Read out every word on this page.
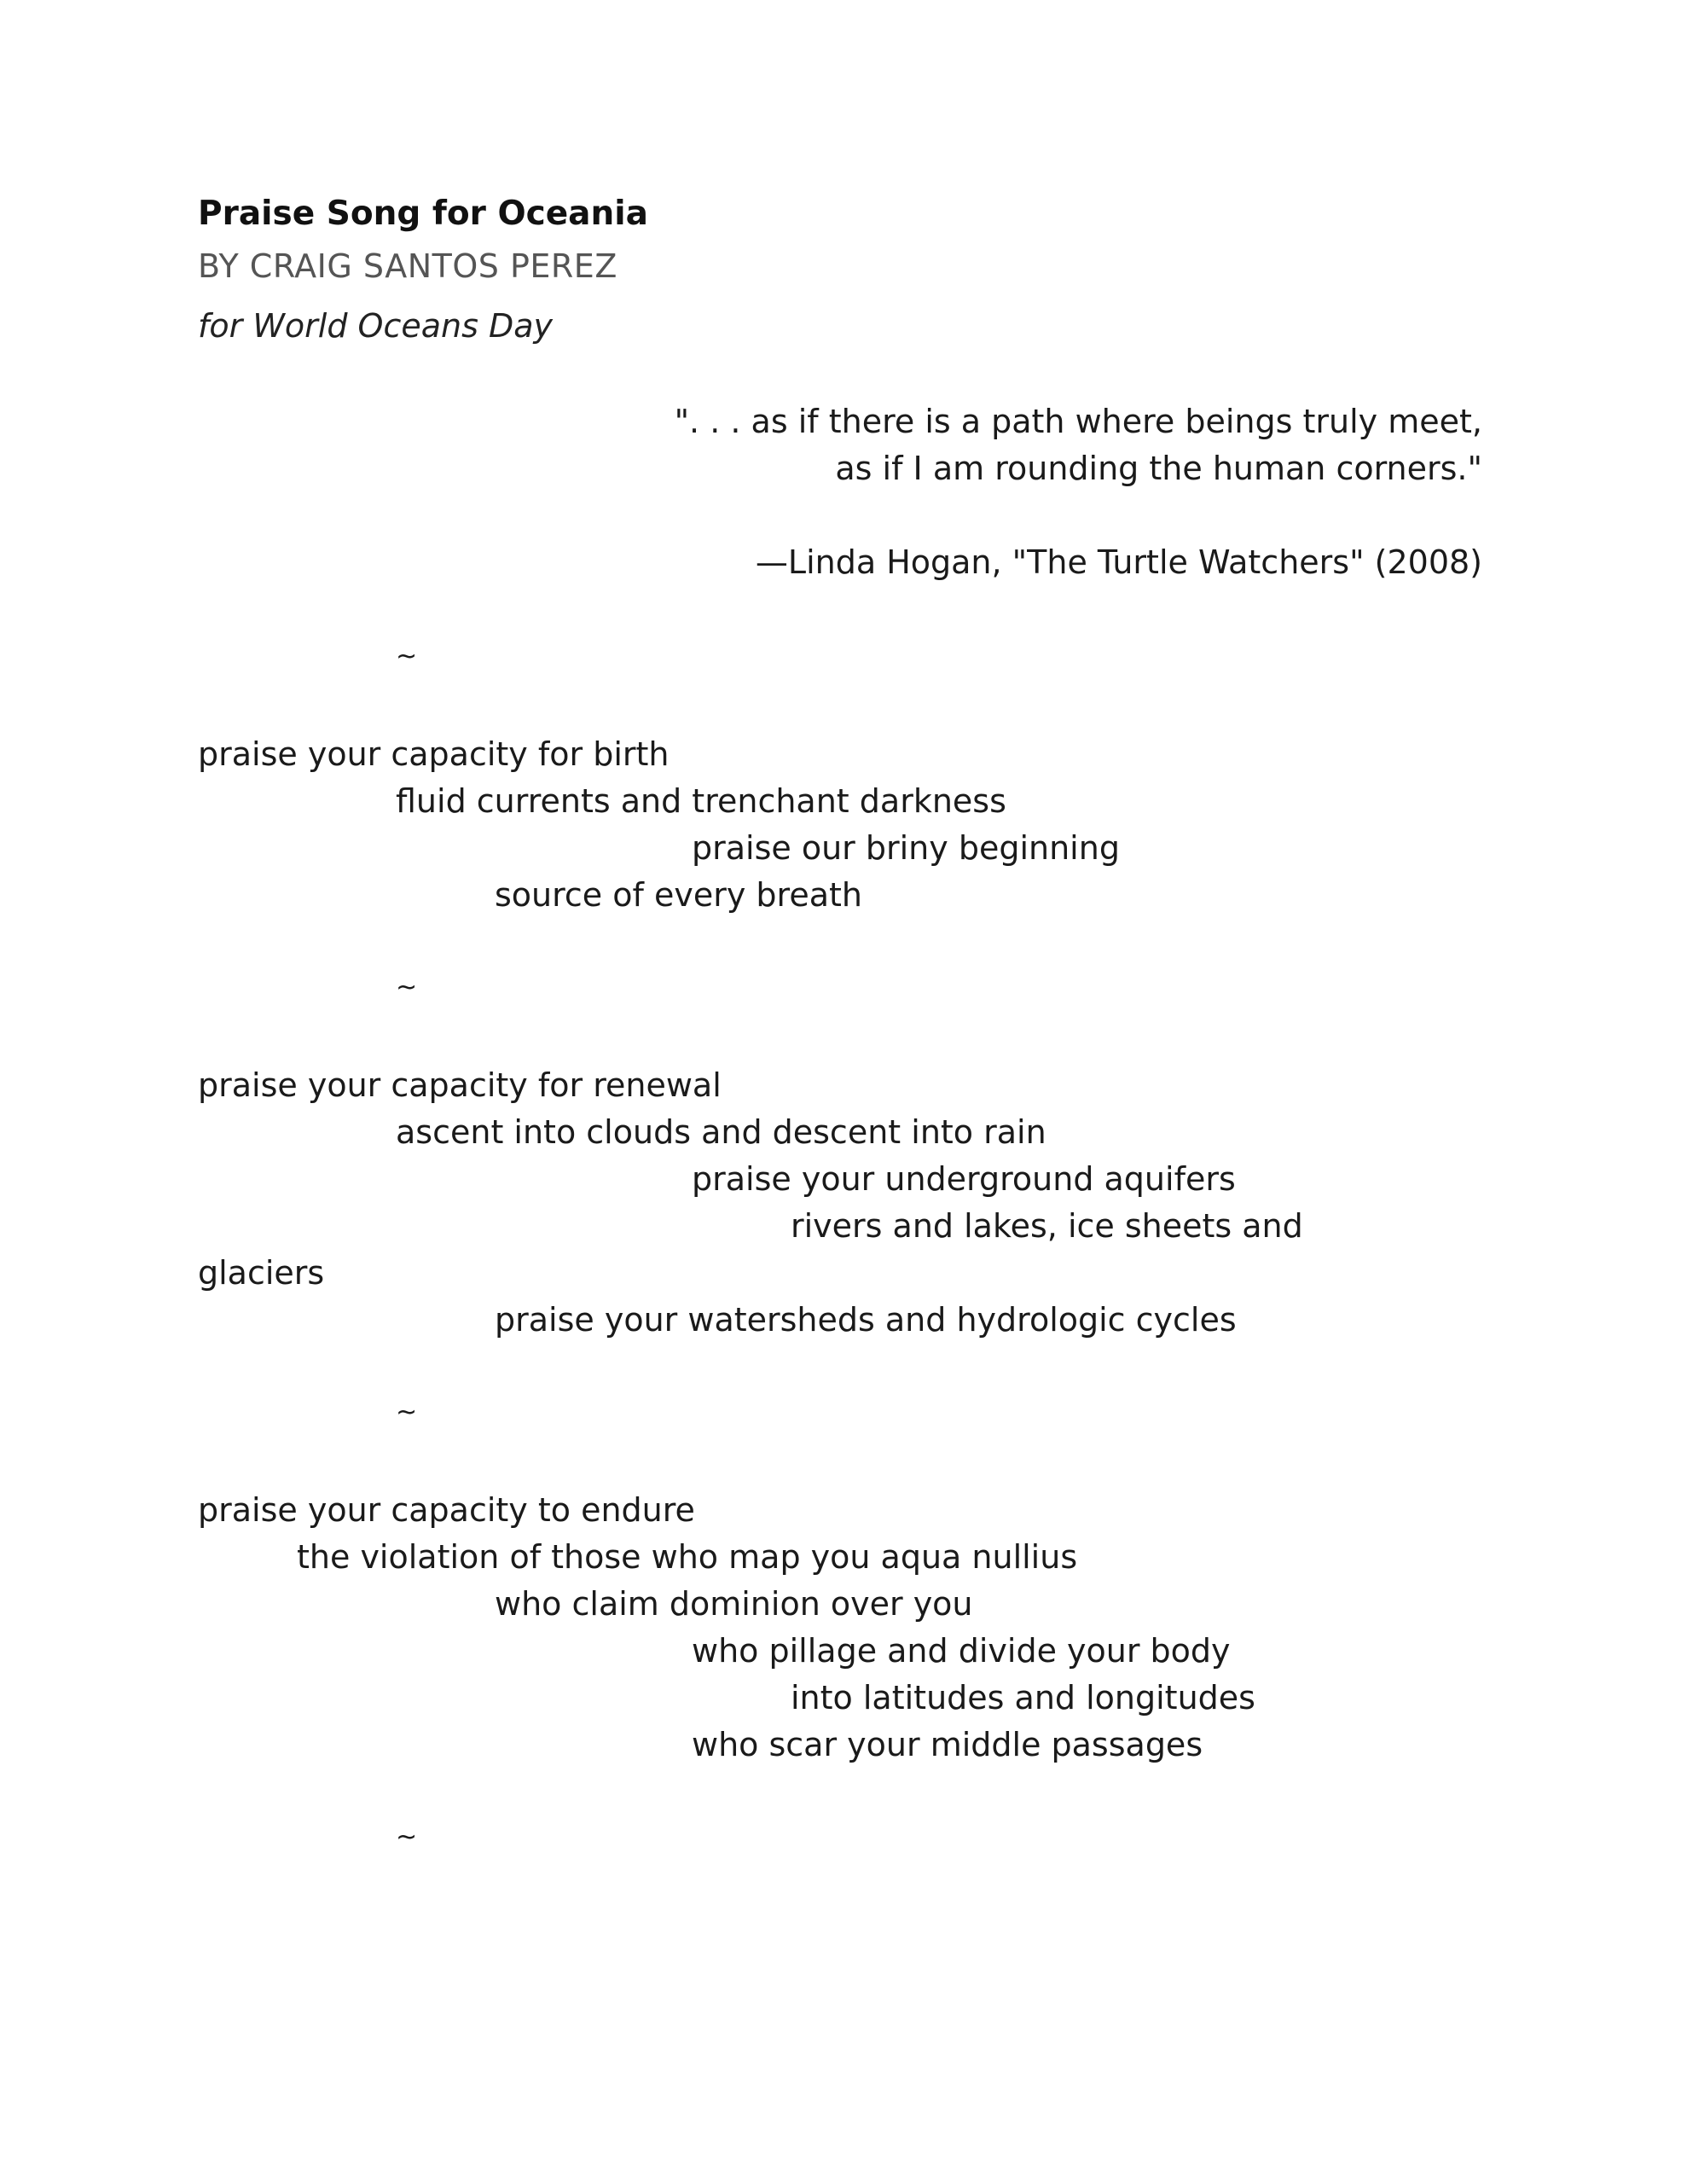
Praise Song for Oceania
BY CRAIG SANTOS PEREZ
for World Oceans Day
". . . as if there is a path where beings truly meet,
as if I am rounding the human corners."
—Linda Hogan, "The Turtle Watchers" (2008)
~
praise your capacity for birth
fluid currents and trenchant darkness
praise our briny beginning
source of every breath
~
praise your capacity for renewal
ascent into clouds and descent into rain
praise your underground aquifers
rivers and lakes, ice sheets and
glaciers
praise your watersheds and hydrologic cycles
~
praise your capacity to endure
the violation of those who map you aqua nullius
who claim dominion over you
who pillage and divide your body
into latitudes and longitudes
who scar your middle passages
~
